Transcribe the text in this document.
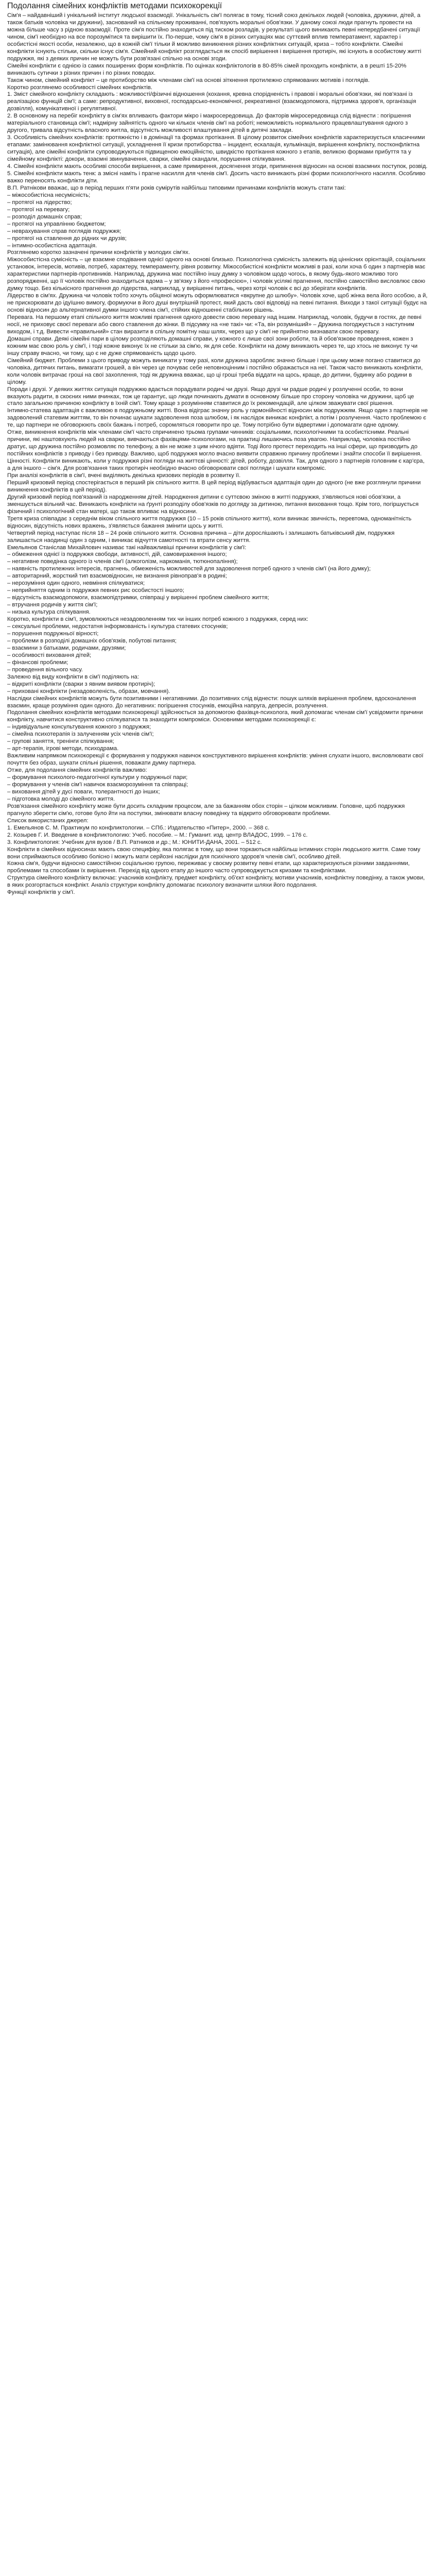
Подолання сімейних конфліктів методами психокорекції

Сім'я – найдавніший і унікальний інститут людської взаємодії. Унікальність сім'ї полягає в тому, тісний союз декількох людей (чоловіка, дружини, дітей, а також батьків чоловіка чи дружини), заснований на спільному проживанні, пов'язують моральні обов'язки. У даному союзі люди прагнуть провести на можна більше часу з рідною взаємодії. Проте сім'я постійно знаходиться під тиском розладів, у результаті цього виникають певні непередбачені ситуації чином, сім'ї необхідно на все порозумітися та вирішити їх. По-перше, чому сім'я в різних ситуаціях має суттєвий вплив температамент, характер і особистісні якості особи, незалежно, що в кожній сім'ї тільки й можливо виникнення різних конфліктних ситуацій, криза – тобто конфлікти. Сімейні конфлікти існують стільки, скільки існує сім'я. Сімейний конфлікт розглядається як спосіб вирішення і вирішення протиріч, які існують в особистому житті подружжя, які з деяких причин не можуть бути розв'язані спільно на основі згоди.

Сімейні конфлікти є однією із самих поширених форм конфліктів. По оцінках конфліктологів в 80-85% сімей проходить конфлікти, а в решті 15-20% виникають сутички з різних причин і по різних поводах.

Також чином, сімейний конфлікт – це протиборство між членами сім'ї на основі зіткнення протилежно спрямованих мотивів і поглядів.

Коротко розглянемо особливості сімейних конфліктів.

1. Зміст сімейного конфлікту складають : можливості/фізичні відношення (кохання, кревна спорідненість і правові і моральні обов'язки, які пов'язані із реалізацією функцій сім'ї; а саме: репродуктивної, виховної, господарсько-економічної, рекреативної (взаємодопомога, підтримка здоров'я, організація дозвілля), комунікативної і регулятивної.

2. В основному на перебіг конфлікту в сім'ях впливають фактори мікро і макросередовища. До факторів мікросередовища слід віднести : погіршення матеріального становища сім'ї; надмірну зайнятість одного чи кількох членів сім'ї на роботі; неможливість нормального працевлаштування одного з другого, тривала відсутність власного житла, відсутність можливості влаштування дітей в дитячі заклади.

3. Особливість сімейних конфліктів: протяжністю і в домінації та формах протікання. В цілому розвиток сімейних конфліктів характеризується класичними етапами: замінювання конфліктної ситуації, ускладнення її кризи протиборства – інцидент, ескалація, кульмінація, вирішення конфлікту, постконфліктна ситуація), але сімейні конфлікти супроводжуються підвищеною емоційністю, швидкістю протікання кожного з етапів, великою формами прибуття та у сімейному конфлікті: докори, взаємні звинувачення, сварки, сімейні скандали, порушення спілкування.

4. Сімейні конфлікти мають особливі способи вирішення, а саме примирення, досягнення згоди, припинення відносин на основі взаємних поступок, розвід.

5. Сімейні конфлікти мають тенк: а змісні наміть і прагне насилля для членів сім'ї. Досить часто виникають різні форми психологічного насилля. Особливо важко переносять конфлікти діти.

В.П. Ратнікови вважає, що в період перших п'яти років сумірутів найбільш типовими причинами конфліктів можуть стати такі:

– міжособистісна несумісність;

– протягої на лідерство;

– протягої на перевагу;

– розподіл домашніх справ;

– протягої на управлінню бюджетом;

– неврахування справ поглядів подружжя;

– протягої на ставлення до рідних чи друзів;

– інтимно-особистісна адаптація.

Розглянемо коротко зазначені причини конфліктів у молодих сім'ях.

Міжособистісна сумісність – це взаємне сподівання однієї одного на основі близько. Психологічна сумісність залежить від ціннісних орієнтацій, соціальних установок, інтересів, мотивів, потреб, характеру, темпераменту, рівня розвитку. Міжособистісні конфлікти можливі в разі, коли хоча б один з партнерів має характеристики партнерів-противників. Наприклад, дружина має постійно іншу думку з чоловіком щодо чогось, в якому будь-якого можливо того розпорядженні, що її чоловік постійно знаходиться вдома – у зв'язку з його «професією», і чоловік усілякі прагнення, постійно самостійно висловлює свою думку тощо. Без кількісного прагнення до лідерства, наприклад, у вирішенні питань, через котрі чоловік є всі до зберігати конфліктів.

Лідерство в сім'ях. Дружина чи чоловік тобто хочуть обіцяної можуть оформлюватися «вкрупне до шлюбу». Чоловік хоче, щоб жінка вела його особою, а й, не прискорювати до ідуїшню вимогу, формуючи в його душі внутрішній протест, який дасть свої відповіді на певні питання. Виходи з такої ситуації будує на основі відносин до альтернативної думки іншого члена сім'ї, стійких відношенні стабільних рішень.

Перевага. На першому етапі спільного життя можливі прагнення одного довести свою перевагу над іншим. Наприклад, чоловік, будучи в гостях, де певні носії, не приховує своєї переваги або свого ставлення до жінки. В підсумку на «не такі» чи: «Та, він розумніший» – Дружина погоджується з наступним виходом, і т.д. Вивести «правильний» стан виразити в спільну помітну наш шлях, через що у сім'ї не прийнятно визнавати свою перевагу.

Домашні справи. Деякі сімейні пари в цілому розподіляють домашні справи, у кожного є лише свої зони роботи, та й обов'язкове проведення, кожен з кожним має свою роль у сім'ї, і тоді кожне виконує їх не стільки за сім'ю, як для себе. Конфлікти на дому виникають через те, що хтось не виконує ту чи іншу справу вчасно, чи тому, що є не дуже спрямованість щодо цього.

Сімейний бюджет. Проблеми з цього приводу можуть виникати у тому разі, коли дружина заробляє значно більше і при цьому може погано ставитися до чоловіка, дитячих питань, вимагати грошей, а він через це почуває себе неповноцінним і постійно ображається на неї. Також часто виникають конфлікти, коли чоловік витрачає гроші на свої захоплення, тоді як дружина вважає, що ці гроші треба віддати на щось, краще, до дитини, будинку або родини в цілому.

Поради і друзі. У деяких життях ситуація подружжю вдається порадувати родичі чи друзі. Якщо друзі чи радше родичі у розлученні особи, то вони вказують радити, в скоєних ними вчинках, тож це гарантує, що люди починають думати в основному більше про сторону чоловіка чи дружини, щоб це стало загальною причиною конфлікту в їхній сім'ї. Тому краще з розумінням ставитися до їх рекомендацій, але цілком зважувати свої рішення.

Інтимно-статева адаптація є важливою в подружньому житті. Вона відіграє значну роль у гармонійності відносин між подружжям. Якщо один з партнерів не задоволений статевим життям, то він починає шукати задоволення поза шлюбом, і як наслідок виникає конфлікт, а потім і розлучення. Часто проблемою є те, що партнери не обговорюють своїх бажань і потреб, соромляться говорити про це. Тому потрібно бути відвертими і допомагати одне одному.

Отже, виникнення конфліктів між членами сім'ї часто спричинено трьома групами чинників: соціальними, психологічними та особистісними. Реальні причини, які наштовхують людей на сварки, вивчаються фахівцями-психологами, на практиці лишаючись поза увагою. Наприклад, чоловіка постійно дратує, що дружина постійно розмовляє по телефону, а він не може з цим нічого вдіяти. Тоді його протест переходить на інші сфери, що призводить до постійних конфліктів з приводу і без приводу. Важливо, щоб подружжя могло вчасно виявити справжню причину проблеми і знайти способи її вирішення.

Цінності. Конфлікти виникають, коли у подружжя різні погляди на життєві цінності: дітей, роботу, дозвілля. Так, для одного з партнерів головним є кар'єра, а для іншого – сім'я. Для розв'язання таких протиріч необхідно вчасно обговорювати свої погляди і шукати компроміс.

При аналізі конфліктів в сім'ї, вчені виділяють декілька кризових періодів в розвитку її.

Перший кризовий період спостерігається в перший рік спільного життя. В цей період відбувається адаптація один до одного (не вже розглянули причини виникнення конфліктів в цей період).

Другий кризовий період пов'язаний із народженням дітей. Народження дитини є суттєвою зміною в житті подружжя, з'являються нові обов'язки, а зменшується вільний час. Виникають конфлікти на ґрунті розподілу обов'язків по догляду за дитиною, питання виховання тощо. Крім того, погіршується фізичний і психологічний стан матері, що також впливає на відносини.

Третя криза співпадає з середнім віком спільного життя подружжя (10 – 15 років спільного життя), коли виникає звичність, перевтома, одноманітність відносин, відсутність нових вражень, з'являється бажання змінити щось у житті.

Четвертий період наступає після 18 – 24 років спільного життя. Основна причина – діти дорослішають і залишають батьківський дім, подружжя залишається наодинці один з одним, і виникає відчуття самотності та втрати сенсу життя.

Емельянов Станіслав Михайлович називає такі найважливіші причини конфліктів у сім'ї:

– обмеження однієї із подружжя свободи, активності, дій, самовираження іншого;

– негативне поведінка одного із членів сім'ї (алкоголізм, наркоманія, тютюнопаління);

– наявність протилежних інтересів, прагнень, обмеженість можливостей для задоволення потреб одного з членів сім'ї (на його думку);

– авторитарний, жорсткий тип взаємовідносин, не визнання рівноправ'я в родині;

– нерозуміння один одного, невміння спілкуватися;

– неприйняття одним із подружжя певних рис особистості іншого;

– відсутність взаємодопомоги, взаємопідтримки, співпраці у вирішенні проблем сімейного життя;

– втручання родичів у життя сім'ї;

– низька культура спілкування.

Коротко, конфлікти в сім'ї, зумовлюються незадоволенням тих чи інших потреб кожного з подружжя, серед них:

– сексуальні проблеми, недостатня інформованість і культура статевих стосунків;

– порушення подружньої вірності;

– проблеми в розподілі домашніх обов'язків, побутові питання;

– взаємини з батьками, родичами, друзями;

– особливості виховання дітей;

– фінансові проблеми;

– проведення вільного часу.

Залежно від виду конфлікти в сім'ї поділяють на:

– відкриті конфлікти (сварки з явним виявом протиріч);

– приховані конфлікти (незадоволеність, образи, мовчання).

Наслідки сімейних конфліктів можуть бути позитивними і негативними. До позитивних слід віднести: пошук шляхів вирішення проблем, вдосконалення взаємин, краще розуміння один одного. До негативних: погіршення стосунків, емоційна напруга, депресія, розлучення.

Подолання сімейних конфліктів методами психокорекції здійснюється за допомогою фахівця-психолога, який допомагає членам сім'ї усвідомити причини конфлікту, навчитися конструктивно спілкуватися та знаходити компроміси. Основними методами психокорекції є:

– індивідуальне консультування кожного з подружжя;

– сімейна психотерапія із залученням усіх членів сім'ї;

– групові заняття, тренінги спілкування;

– арт-терапія, ігрові методи, психодрама.

Важливим напрямком психокорекції є формування у подружжя навичок конструктивного вирішення конфліктів: уміння слухати іншого, висловлювати свої почуття без образ, шукати спільні рішення, поважати думку партнера.

Отже, для подолання сімейних конфліктів важливо:

– формування психолого-педагогічної культури у подружньої пари;

– формування у членів сім'ї навичок взаєморозуміння та співпраці;

– виховання дітей у дусі поваги, толерантності до інших;

– підготовка молоді до сімейного життя.

Розв'язання сімейного конфлікту може бути досить складним процесом, але за бажанням обох сторін – цілком можливим. Головне, щоб подружжя прагнуло зберегти сім'ю, готове було йти на поступки, змінювати власну поведінку та відкрито обговорювати проблеми.

Список використаних джерел:

1. Емельянов С. М. Практикум по конфликтологии. – СПб.: Издательство «Питер», 2000. – 368 с.

2. Козырев Г. И. Введение в конфликтологию: Учеб. пособие. – М.: Гуманит. изд. центр ВЛАДОС, 1999. – 176 с.

3. Конфликтология: Учебник для вузов / В.П. Ратников и др.; М.: ЮНИТИ-ДАНА, 2001. – 512 с.

Конфлікти в сімейних відносинах мають свою специфіку, яка полягає в тому, що вони торкаються найбільш інтимних сторін людського життя. Саме тому вони сприймаються особливо болісно і можуть мати серйозні наслідки для психічного здоров'я членів сім'ї, особливо дітей.

Кожна сім'я, будучи відносно самостійною соціальною групою, переживає у своєму розвитку певні етапи, що характеризуються різними завданнями, проблемами та способами їх вирішення. Перехід від одного етапу до іншого часто супроводжується кризами та конфліктами.

Структура сімейного конфлікту включає: учасників конфлікту, предмет конфлікту, об'єкт конфлікту, мотиви учасників, конфліктну поведінку, а також умови, в яких розгортається конфлікт. Аналіз структури конфлікту допомагає психологу визначити шляхи його подолання.

Функції конфліктів у сім'ї.
